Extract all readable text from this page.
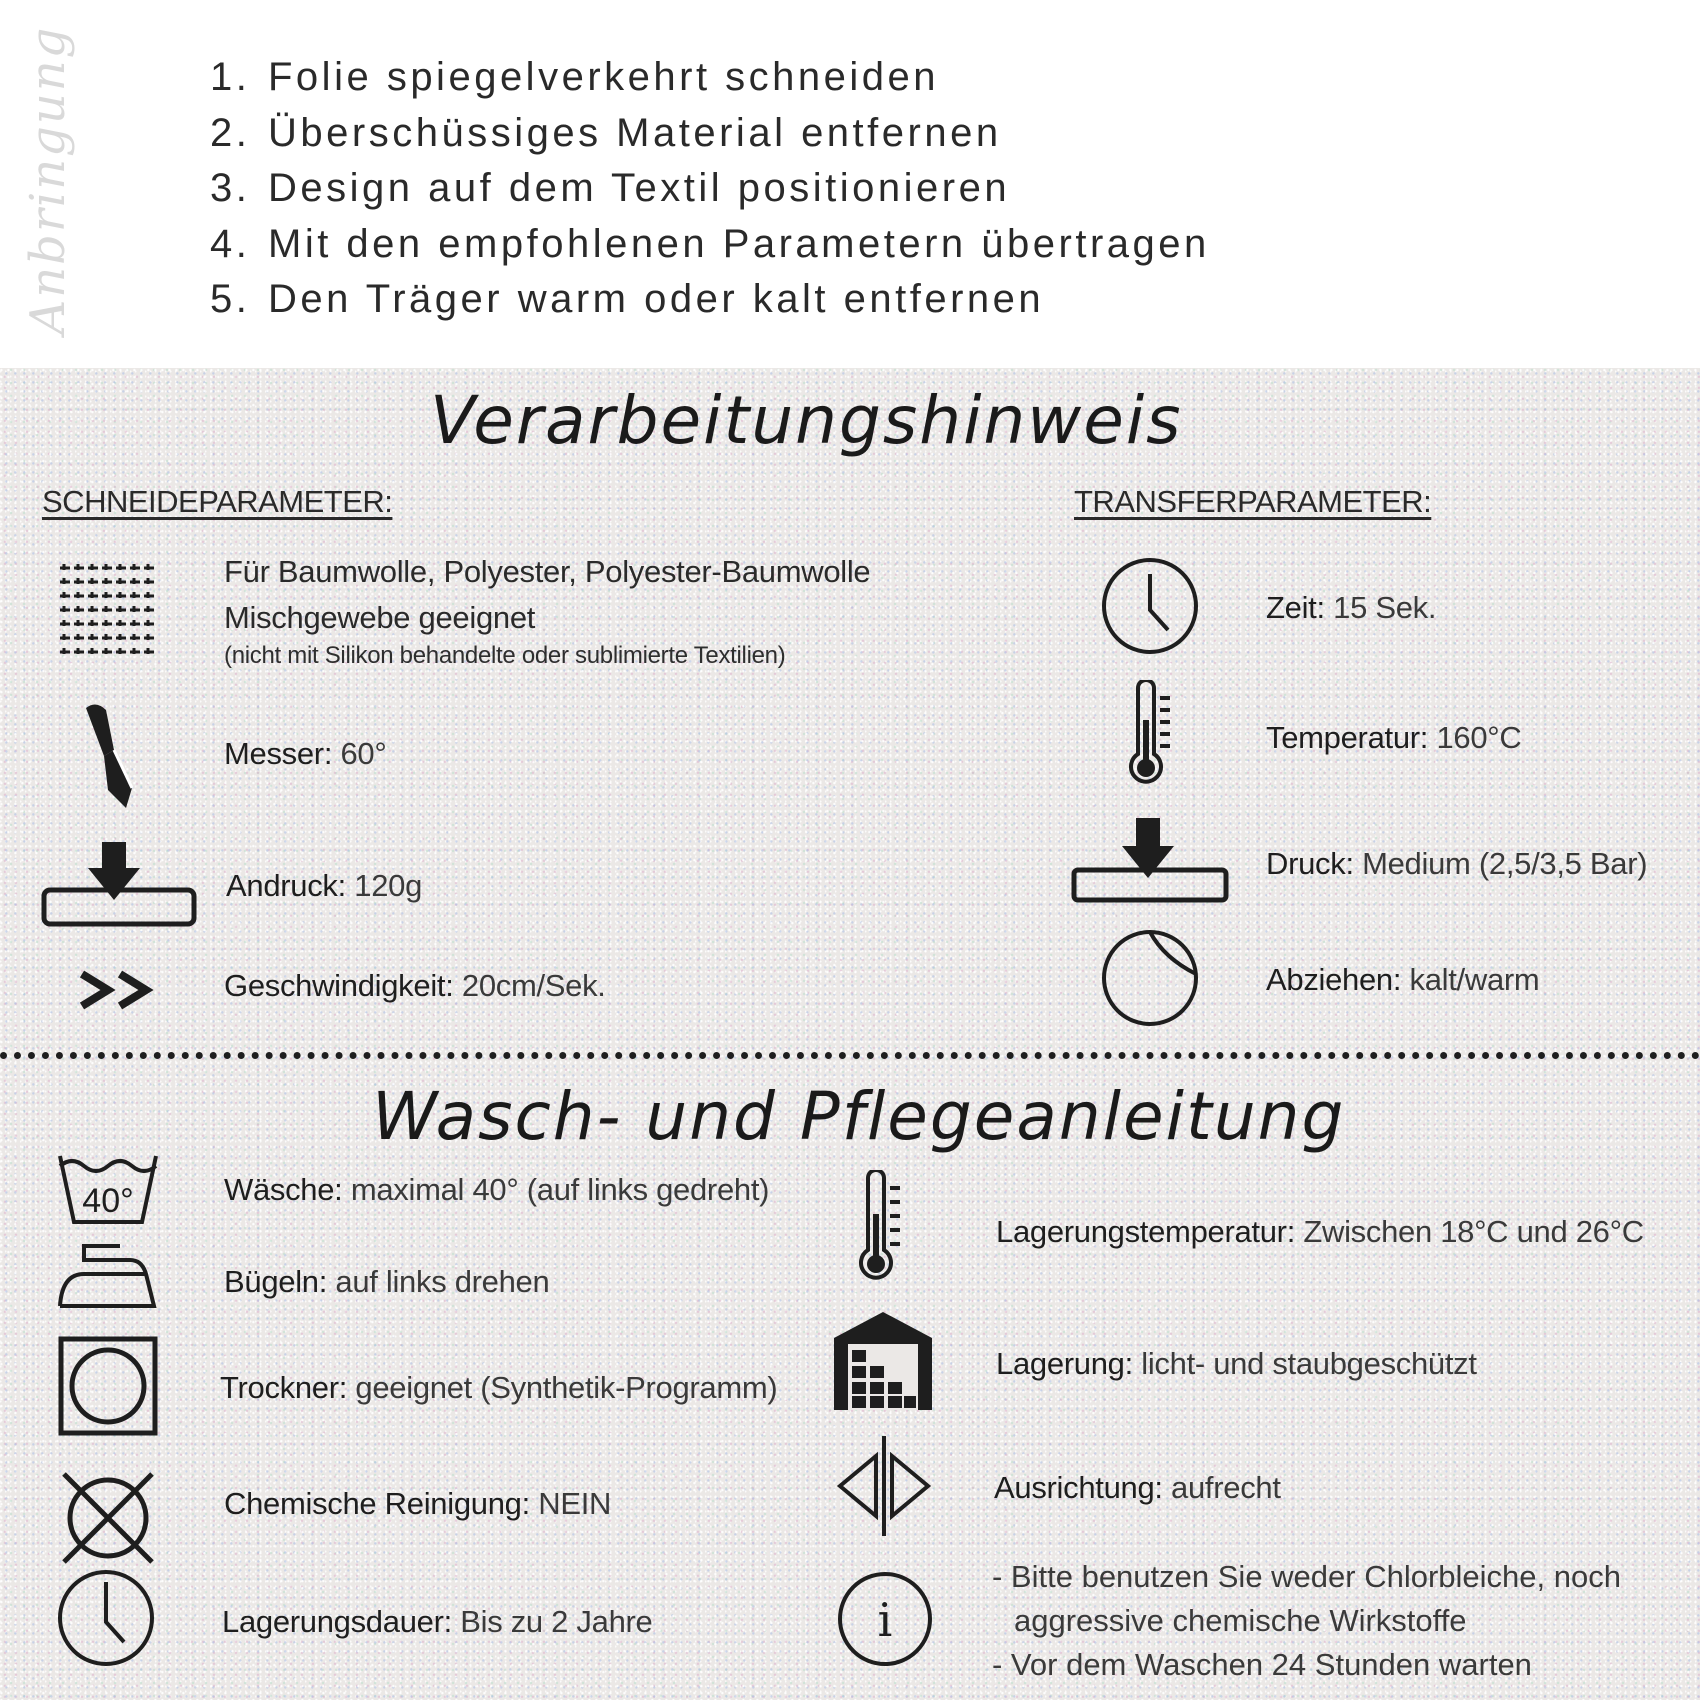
Anbringung	1. Folie spiegelverkehrt schneiden
2. Überschüssiges Material entfernen
3. Design auf dem Textil positionieren
4. Mit den empfohlenen Parametern übertragen
5. Den Träger warm oder kalt entfernen
Verarbeitungshinweis
SCHNEIDEPARAMETER:	TRANSFERPARAMETER:
Für Baumwolle, Polyester, Polyester-Baumwolle
Mischgewebe geeignet
(nicht mit Silikon behandelte oder sublimierte Textilien)
Messer: 60°
Andruck: 120g
Geschwindigkeit: 20cm/Sek.
Zeit: 15 Sek.
Temperatur: 160°C
Druck: Medium (2,5/3,5 Bar)
Abziehen: kalt/warm
Wasch- und Pflegeanleitung
40°	Wäsche: maximal 40° (auf links gedreht)
Bügeln: auf links drehen
Trockner: geeignet (Synthetik-Programm)
Chemische Reinigung: NEIN
Lagerungsdauer: Bis zu 2 Jahre
Lagerungstemperatur: Zwischen 18°C und 26°C
Lagerung: licht- und staubgeschützt
Ausrichtung: aufrecht
i
- Bitte benutzen Sie weder Chlorbleiche, noch
aggressive chemische Wirkstoffe
- Vor dem Waschen 24 Stunden warten
